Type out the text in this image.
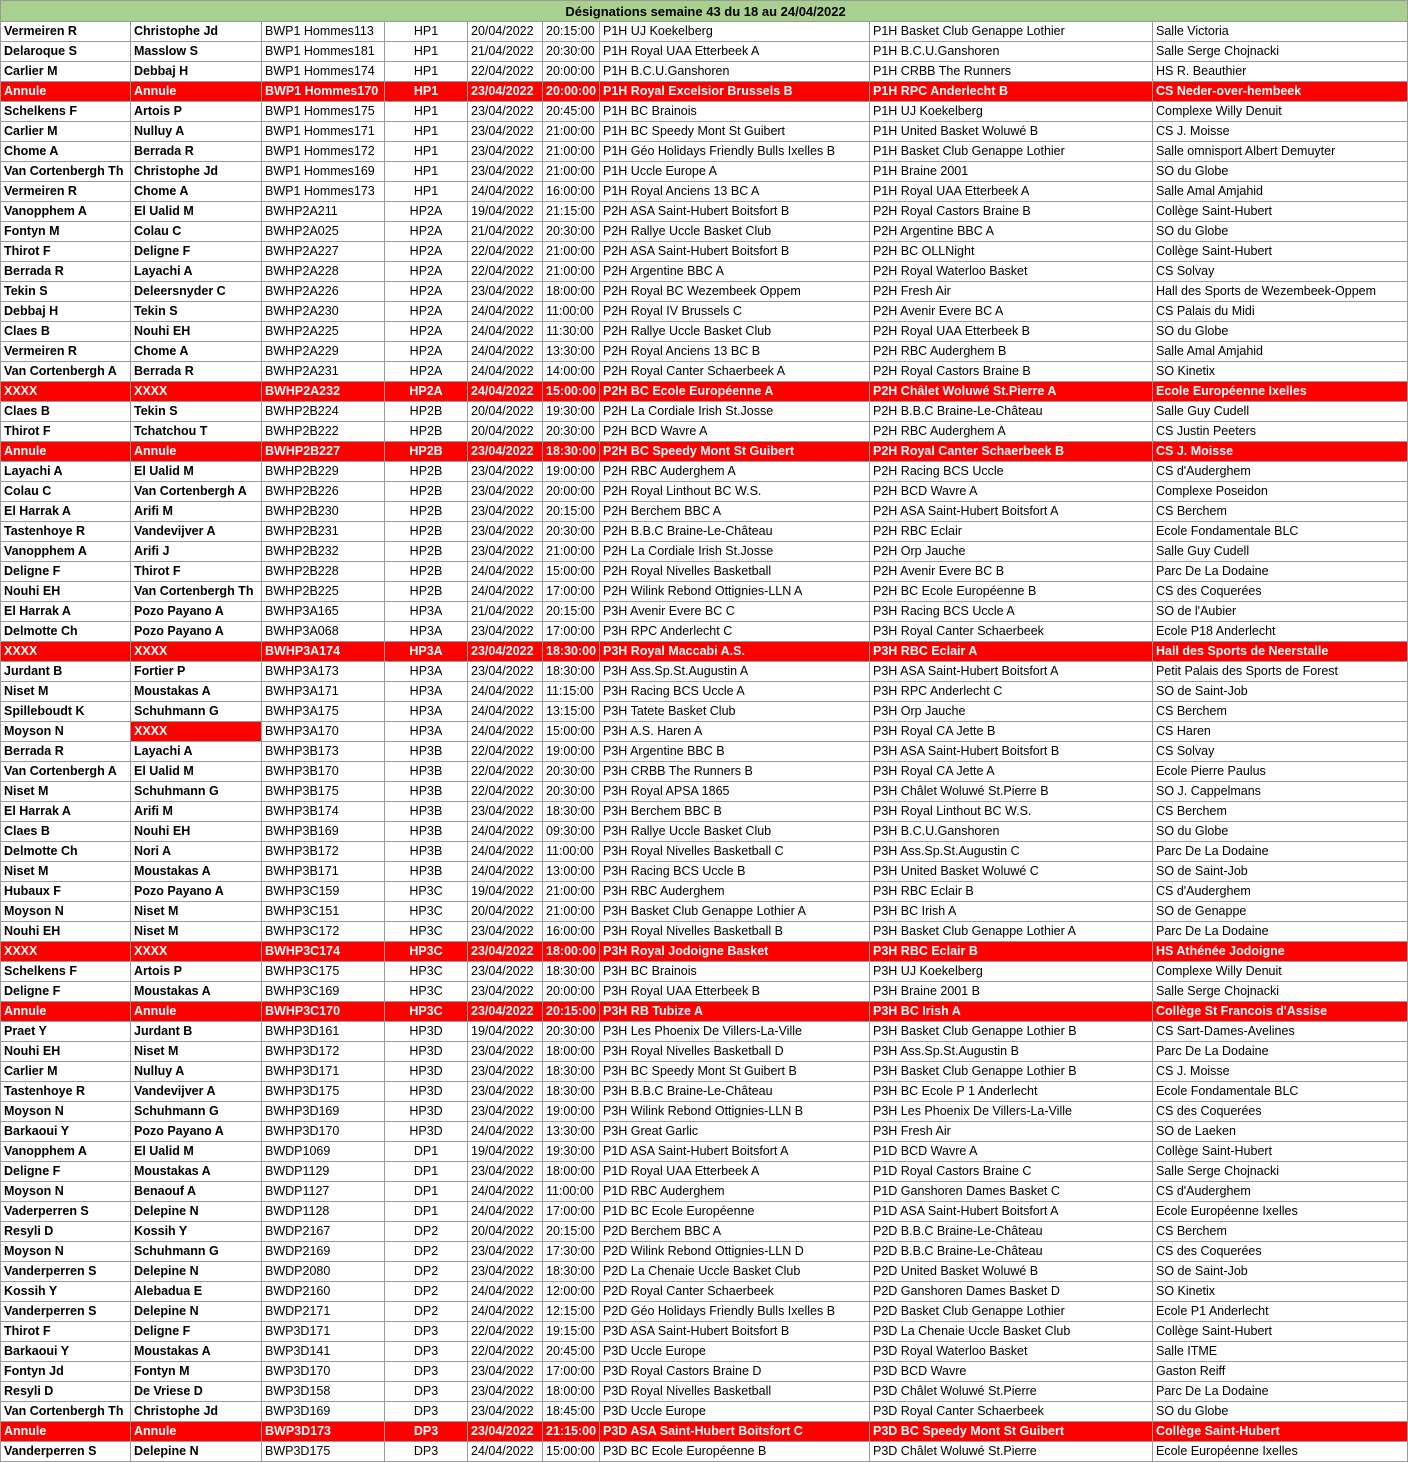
Désignations semaine 43 du 18 au 24/04/2022								
Vermeiren R	Christophe Jd	BWP1 Hommes113	HP1	20/04/2022	20:15:00	P1H UJ Koekelberg	P1H Basket Club Genappe Lothier	Salle Victoria
Delaroque S	Masslow S	BWP1 Hommes181	HP1	21/04/2022	20:30:00	P1H Royal UAA Etterbeek A	P1H B.C.U.Ganshoren	Salle Serge Chojnacki
Carlier M	Debbaj H	BWP1 Hommes174	HP1	22/04/2022	20:00:00	P1H B.C.U.Ganshoren	P1H CRBB The Runners	HS R. Beauthier
Annule	Annule	BWP1 Hommes170	HP1	23/04/2022	20:00:00	P1H Royal Excelsior Brussels B	P1H RPC Anderlecht B	CS Neder-over-hembeek
Schelkens F	Artois P	BWP1 Hommes175	HP1	23/04/2022	20:45:00	P1H BC Brainois	P1H UJ Koekelberg	Complexe Willy Denuit
Carlier M	Nulluy A	BWP1 Hommes171	HP1	23/04/2022	21:00:00	P1H BC Speedy Mont St Guibert	P1H United Basket Woluwé B	CS J. Moisse
Chome A	Berrada R	BWP1 Hommes172	HP1	23/04/2022	21:00:00	P1H Géo Holidays Friendly Bulls Ixelles B	P1H Basket Club Genappe Lothier	Salle omnisport Albert Demuyter
Van Cortenbergh Th	Christophe Jd	BWP1 Hommes169	HP1	23/04/2022	21:00:00	P1H Uccle Europe A	P1H Braine 2001	SO du Globe
Vermeiren R	Chome A	BWP1 Hommes173	HP1	24/04/2022	16:00:00	P1H Royal Anciens 13 BC A	P1H Royal UAA Etterbeek A	Salle Amal Amjahid
Vanopphem A	El Ualid M	BWHP2A211	HP2A	19/04/2022	21:15:00	P2H ASA Saint-Hubert Boitsfort B	P2H Royal Castors Braine B	Collège Saint-Hubert
Fontyn M	Colau C	BWHP2A025	HP2A	21/04/2022	20:30:00	P2H Rallye Uccle Basket Club	P2H Argentine BBC A	SO du Globe
Thirot F	Deligne F	BWHP2A227	HP2A	22/04/2022	21:00:00	P2H ASA Saint-Hubert Boitsfort B	P2H BC OLLNight	Collège Saint-Hubert
Berrada R	Layachi A	BWHP2A228	HP2A	22/04/2022	21:00:00	P2H Argentine BBC A	P2H Royal Waterloo Basket	CS Solvay
Tekin S	Deleersnyder C	BWHP2A226	HP2A	23/04/2022	18:00:00	P2H Royal BC Wezembeek Oppem	P2H Fresh Air	Hall des Sports de Wezembeek-Oppem
Debbaj H	Tekin S	BWHP2A230	HP2A	24/04/2022	11:00:00	P2H Royal IV Brussels C	P2H Avenir Evere BC A	CS Palais du Midi
Claes B	Nouhi EH	BWHP2A225	HP2A	24/04/2022	11:30:00	P2H Rallye Uccle Basket Club	P2H Royal UAA Etterbeek B	SO du Globe
Vermeiren R	Chome A	BWHP2A229	HP2A	24/04/2022	13:30:00	P2H Royal Anciens 13 BC B	P2H RBC Auderghem B	Salle Amal Amjahid
Van Cortenbergh A	Berrada R	BWHP2A231	HP2A	24/04/2022	14:00:00	P2H Royal Canter Schaerbeek A	P2H Royal Castors Braine B	SO Kinetix
XXXX	XXXX	BWHP2A232	HP2A	24/04/2022	15:00:00	P2H BC Ecole Européenne A	P2H Châlet Woluwé St.Pierre A	Ecole Européenne Ixelles
Claes B	Tekin S	BWHP2B224	HP2B	20/04/2022	19:30:00	P2H La Cordiale Irish St.Josse	P2H B.B.C Braine-Le-Château	Salle Guy Cudell
Thirot F	Tchatchou T	BWHP2B222	HP2B	20/04/2022	20:30:00	P2H BCD Wavre A	P2H RBC Auderghem A	CS Justin Peeters
Annule	Annule	BWHP2B227	HP2B	23/04/2022	18:30:00	P2H BC Speedy Mont St Guibert	P2H Royal Canter Schaerbeek B	CS J. Moisse
Layachi A	El Ualid M	BWHP2B229	HP2B	23/04/2022	19:00:00	P2H RBC Auderghem A	P2H Racing BCS Uccle	CS d'Auderghem
Colau C	Van Cortenbergh A	BWHP2B226	HP2B	23/04/2022	20:00:00	P2H Royal Linthout BC W.S.	P2H BCD Wavre A	Complexe Poseidon
El Harrak A	Arifi M	BWHP2B230	HP2B	23/04/2022	20:15:00	P2H Berchem BBC A	P2H ASA Saint-Hubert Boitsfort A	CS Berchem
Tastenhoye R	Vandevijver A	BWHP2B231	HP2B	23/04/2022	20:30:00	P2H B.B.C Braine-Le-Château	P2H RBC Eclair	Ecole Fondamentale BLC
Vanopphem A	Arifi J	BWHP2B232	HP2B	23/04/2022	21:00:00	P2H La Cordiale Irish St.Josse	P2H Orp Jauche	Salle Guy Cudell
Deligne F	Thirot F	BWHP2B228	HP2B	24/04/2022	15:00:00	P2H Royal Nivelles Basketball	P2H Avenir Evere BC B	Parc De La Dodaine
Nouhi EH	Van Cortenbergh Th	BWHP2B225	HP2B	24/04/2022	17:00:00	P2H Wilink Rebond Ottignies-LLN A	P2H BC Ecole Européenne B	CS des Coquerées
El Harrak A	Pozo Payano A	BWHP3A165	HP3A	21/04/2022	20:15:00	P3H Avenir Evere BC C	P3H Racing BCS Uccle A	SO de l'Aubier
Delmotte Ch	Pozo Payano A	BWHP3A068	HP3A	23/04/2022	17:00:00	P3H RPC Anderlecht C	P3H Royal Canter Schaerbeek	Ecole P18 Anderlecht
XXXX	XXXX	BWHP3A174	HP3A	23/04/2022	18:30:00	P3H Royal Maccabi A.S.	P3H RBC Eclair A	Hall des Sports de Neerstalle
Jurdant B	Fortier P	BWHP3A173	HP3A	23/04/2022	18:30:00	P3H Ass.Sp.St.Augustin A	P3H ASA Saint-Hubert Boitsfort A	Petit Palais des Sports de Forest
Niset M	Moustakas A	BWHP3A171	HP3A	24/04/2022	11:15:00	P3H Racing BCS Uccle A	P3H RPC Anderlecht C	SO de Saint-Job
Spilleboudt K	Schuhmann G	BWHP3A175	HP3A	24/04/2022	13:15:00	P3H Tatete Basket Club	P3H Orp Jauche	CS Berchem
Moyson N	XXXX	BWHP3A170	HP3A	24/04/2022	15:00:00	P3H A.S. Haren A	P3H Royal CA Jette B	CS Haren
Berrada R	Layachi A	BWHP3B173	HP3B	22/04/2022	19:00:00	P3H Argentine BBC B	P3H ASA Saint-Hubert Boitsfort B	CS Solvay
Van Cortenbergh A	El Ualid M	BWHP3B170	HP3B	22/04/2022	20:30:00	P3H CRBB The Runners B	P3H Royal CA Jette A	Ecole Pierre Paulus
Niset M	Schuhmann G	BWHP3B175	HP3B	22/04/2022	20:30:00	P3H Royal APSA 1865	P3H Châlet Woluwé St.Pierre B	SO J. Cappelmans
El Harrak A	Arifi M	BWHP3B174	HP3B	23/04/2022	18:30:00	P3H Berchem BBC B	P3H Royal Linthout BC W.S.	CS Berchem
Claes B	Nouhi EH	BWHP3B169	HP3B	24/04/2022	09:30:00	P3H Rallye Uccle Basket Club	P3H B.C.U.Ganshoren	SO du Globe
Delmotte Ch	Nori A	BWHP3B172	HP3B	24/04/2022	11:00:00	P3H Royal Nivelles Basketball C	P3H Ass.Sp.St.Augustin C	Parc De La Dodaine
Niset M	Moustakas A	BWHP3B171	HP3B	24/04/2022	13:00:00	P3H Racing BCS Uccle B	P3H United Basket Woluwé C	SO de Saint-Job
Hubaux F	Pozo Payano A	BWHP3C159	HP3C	19/04/2022	21:00:00	P3H RBC Auderghem	P3H RBC Eclair B	CS d'Auderghem
Moyson N	Niset M	BWHP3C151	HP3C	20/04/2022	21:00:00	P3H Basket Club Genappe Lothier A	P3H BC Irish A	SO de Genappe
Nouhi EH	Niset M	BWHP3C172	HP3C	23/04/2022	16:00:00	P3H Royal Nivelles Basketball B	P3H Basket Club Genappe Lothier A	Parc De La Dodaine
XXXX	XXXX	BWHP3C174	HP3C	23/04/2022	18:00:00	P3H Royal Jodoigne Basket	P3H RBC Eclair B	HS Athénée Jodoigne
Schelkens F	Artois P	BWHP3C175	HP3C	23/04/2022	18:30:00	P3H BC Brainois	P3H UJ Koekelberg	Complexe Willy Denuit
Deligne F	Moustakas A	BWHP3C169	HP3C	23/04/2022	20:00:00	P3H Royal UAA Etterbeek B	P3H Braine 2001 B	Salle Serge Chojnacki
Annule	Annule	BWHP3C170	HP3C	23/04/2022	20:15:00	P3H RB Tubize A	P3H BC Irish A	Collège St Francois d'Assise
Praet Y	Jurdant B	BWHP3D161	HP3D	19/04/2022	20:30:00	P3H Les Phoenix De Villers-La-Ville	P3H Basket Club Genappe Lothier B	CS Sart-Dames-Avelines
Nouhi EH	Niset M	BWHP3D172	HP3D	23/04/2022	18:00:00	P3H Royal Nivelles Basketball D	P3H Ass.Sp.St.Augustin B	Parc De La Dodaine
Carlier M	Nulluy A	BWHP3D171	HP3D	23/04/2022	18:30:00	P3H BC Speedy Mont St Guibert B	P3H Basket Club Genappe Lothier B	CS J. Moisse
Tastenhoye R	Vandevijver A	BWHP3D175	HP3D	23/04/2022	18:30:00	P3H B.B.C Braine-Le-Château	P3H BC Ecole P 1 Anderlecht	Ecole Fondamentale BLC
Moyson N	Schuhmann G	BWHP3D169	HP3D	23/04/2022	19:00:00	P3H Wilink Rebond Ottignies-LLN B	P3H Les Phoenix De Villers-La-Ville	CS des Coquerées
Barkaoui Y	Pozo Payano A	BWHP3D170	HP3D	24/04/2022	13:30:00	P3H Great Garlic	P3H Fresh Air	SO de Laeken
Vanopphem A	El Ualid M	BWDP1069	DP1	19/04/2022	19:30:00	P1D ASA Saint-Hubert Boitsfort A	P1D BCD Wavre A	Collège Saint-Hubert
Deligne F	Moustakas A	BWDP1129	DP1	23/04/2022	18:00:00	P1D Royal UAA Etterbeek A	P1D Royal Castors Braine C	Salle Serge Chojnacki
Moyson N	Benaouf A	BWDP1127	DP1	24/04/2022	11:00:00	P1D RBC Auderghem	P1D Ganshoren Dames Basket C	CS d'Auderghem
Vaderperren S	Delepine N	BWDP1128	DP1	24/04/2022	17:00:00	P1D BC Ecole Européenne	P1D ASA Saint-Hubert Boitsfort A	Ecole Européenne Ixelles
Resyli D	Kossih Y	BWDP2167	DP2	20/04/2022	20:15:00	P2D Berchem BBC A	P2D B.B.C Braine-Le-Château	CS Berchem
Moyson N	Schuhmann G	BWDP2169	DP2	23/04/2022	17:30:00	P2D Wilink Rebond Ottignies-LLN D	P2D B.B.C Braine-Le-Château	CS des Coquerées
Vanderperren S	Delepine N	BWDP2080	DP2	23/04/2022	18:30:00	P2D La Chenaie Uccle Basket Club	P2D United Basket Woluwé B	SO de Saint-Job
Kossih Y	Alebadua E	BWDP2160	DP2	24/04/2022	12:00:00	P2D Royal Canter Schaerbeek	P2D Ganshoren Dames Basket D	SO Kinetix
Vanderperren S	Delepine N	BWDP2171	DP2	24/04/2022	12:15:00	P2D Géo Holidays Friendly Bulls Ixelles B	P2D Basket Club Genappe Lothier	Ecole P1 Anderlecht
Thirot F	Deligne F	BWP3D171	DP3	22/04/2022	19:15:00	P3D ASA Saint-Hubert Boitsfort B	P3D La Chenaie Uccle Basket Club	Collège Saint-Hubert
Barkaoui Y	Moustakas A	BWP3D141	DP3	22/04/2022	20:45:00	P3D Uccle Europe	P3D Royal Waterloo Basket	Salle ITME
Fontyn Jd	Fontyn M	BWP3D170	DP3	23/04/2022	17:00:00	P3D Royal Castors Braine D	P3D BCD Wavre	Gaston Reiff
Resyli D	De Vriese D	BWP3D158	DP3	23/04/2022	18:00:00	P3D Royal Nivelles Basketball	P3D Châlet Woluwé St.Pierre	Parc De La Dodaine
Van Cortenbergh Th	Christophe Jd	BWP3D169	DP3	23/04/2022	18:45:00	P3D Uccle Europe	P3D Royal Canter Schaerbeek	SO du Globe
Annule	Annule	BWP3D173	DP3	23/04/2022	21:15:00	P3D ASA Saint-Hubert Boitsfort C	P3D BC Speedy Mont St Guibert	Collège Saint-Hubert
Vanderperren S	Delepine N	BWP3D175	DP3	24/04/2022	15:00:00	P3D BC Ecole Européenne B	P3D Châlet Woluwé St.Pierre	Ecole Européenne Ixelles
